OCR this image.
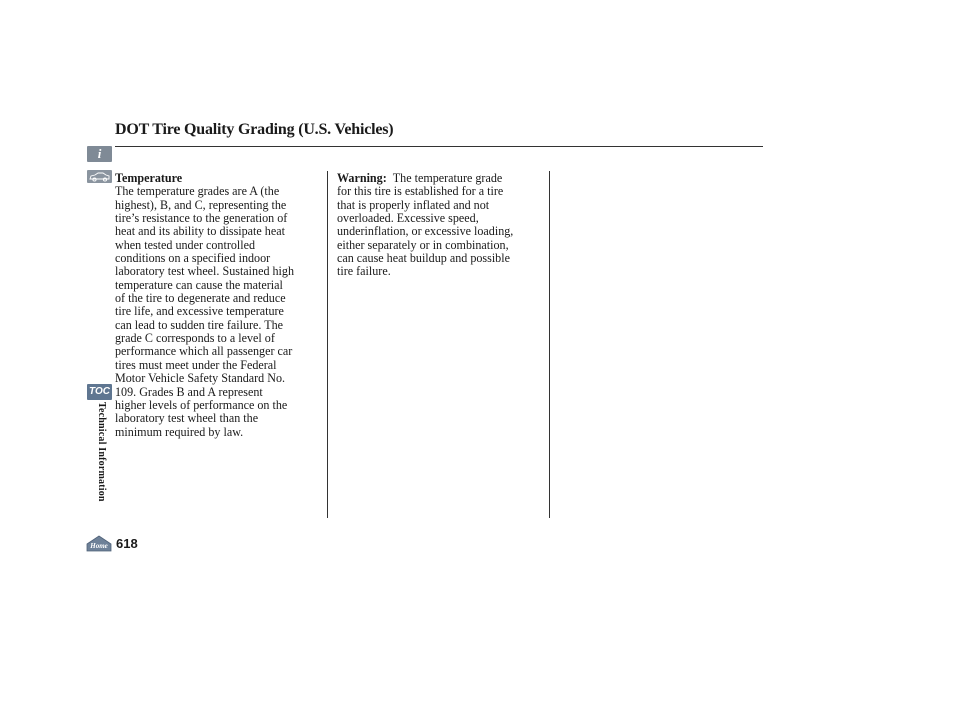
DOT Tire Quality Grading (U.S. Vehicles)
i
TOC
Technical Information
Home 618
Temperature
The temperature grades are A (the
highest), B, and C, representing the
tire’s resistance to the generation of
heat and its ability to dissipate heat
when tested under controlled
conditions on a specified indoor
laboratory test wheel. Sustained high
temperature can cause the material
of the tire to degenerate and reduce
tire life, and excessive temperature
can lead to sudden tire failure. The
grade C corresponds to a level of
performance which all passenger car
tires must meet under the Federal
Motor Vehicle Safety Standard No.
109. Grades B and A represent
higher levels of performance on the
laboratory test wheel than the
minimum required by law.
Warning: The temperature grade
for this tire is established for a tire
that is properly inflated and not
overloaded. Excessive speed,
underinflation, or excessive loading,
either separately or in combination,
can cause heat buildup and possible
tire failure.
